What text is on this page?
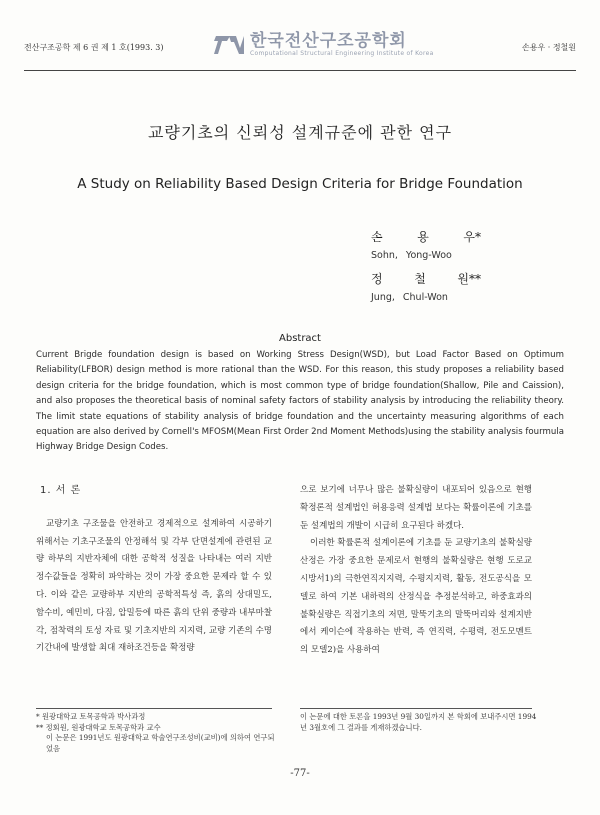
전산구조공학 제 6 권 제 1 호(1993. 3)	한국전산구조공학회
Computational Structural Engineering Institute of Korea
손용우 · 정철원
교량기초의 신뢰성 설계규준에 관한 연구
A Study on Reliability Based Design Criteria for Bridge Foundation
손	용	우*
Sohn, Yong-Woo
정	철	원**
Jung, Chul-Won
Abstract
Current Brigde foundation design is based on Working Stress Design(WSD), but Load Factor Based on Optimum Reliability(LFBOR) design method is more rational than the WSD. For this reason, this study proposes a reliability based design criteria for the bridge foundation, which is most common type of bridge foundation(Shallow, Pile and Caission), and also proposes the theoretical basis of nominal safety factors of stability analysis by introducing the reliability theory. The limit state equations of stability analysis of bridge foundation and the uncertainty measuring algorithms of each equation are also derived by Cornell's MFOSM(Mean First Order 2nd Moment Methods)using the stability analysis fourmula Highway Bridge Design Codes.
1. 서 론

교량기초 구조물을 안전하고 경제적으로 설계하여 시공하기 위해서는 기초구조물의 안정해석 및 각부 단면설계에 관련된 교량 하부의 지반자체에 대한 공학적 성질을 나타내는 여러 지반 정수값들을 정확히 파악하는 것이 가장 중요한 문제라 할 수 있다. 이와 같은 교량하부 지반의 공학적특성 즉, 흙의 상대밀도, 함수비, 예민비, 다짐, 압밀등에 따른 흙의 단위 중량과 내부마찰각, 점착력의 토성 자료 및 기초지반의 지지력, 교량 기존의 수명 기간내에 발생할 최대 재하조건등을 확정량

으로 보기에 너무나 많은 불확실량이 내포되어 있음으로 현행 확정론적 설계법인 허용응력 설계법 보다는 확률이론에 기초를 둔 설계법의 개발이 시급히 요구된다 하겠다.

이러한 확률론적 설계이론에 기초를 둔 교량기초의 불확실량 산정은 가장 중요한 문제로서 현행의 불확실량은 현행 도로교시방서1)의 극한연직지지력, 수평지지력, 활동, 전도공식을 모델로 하여 기본 내하력의 산정식을 추정분석하고, 하중효과의 불확실량은 직접기초의 저면, 말뚝기초의 말뚝머리와 설계지반에서 케이슨에 작용하는 반력, 즉 연직력, 수평력, 전도모멘트의 모델2)을 사용하여

* 원광대학교 토목공학과 박사과정
** 정회원, 원광대학교 토목공학과 교수
이 논문은 1991년도 원광대학교 학술연구조성비(교비)에 의하여 연구되었음
이 논문에 대한 토론을 1993년 9월 30일까지 본 학회에 보내주시면 1994년 3월호에 그 결과를 게재하겠습니다.
-77-
